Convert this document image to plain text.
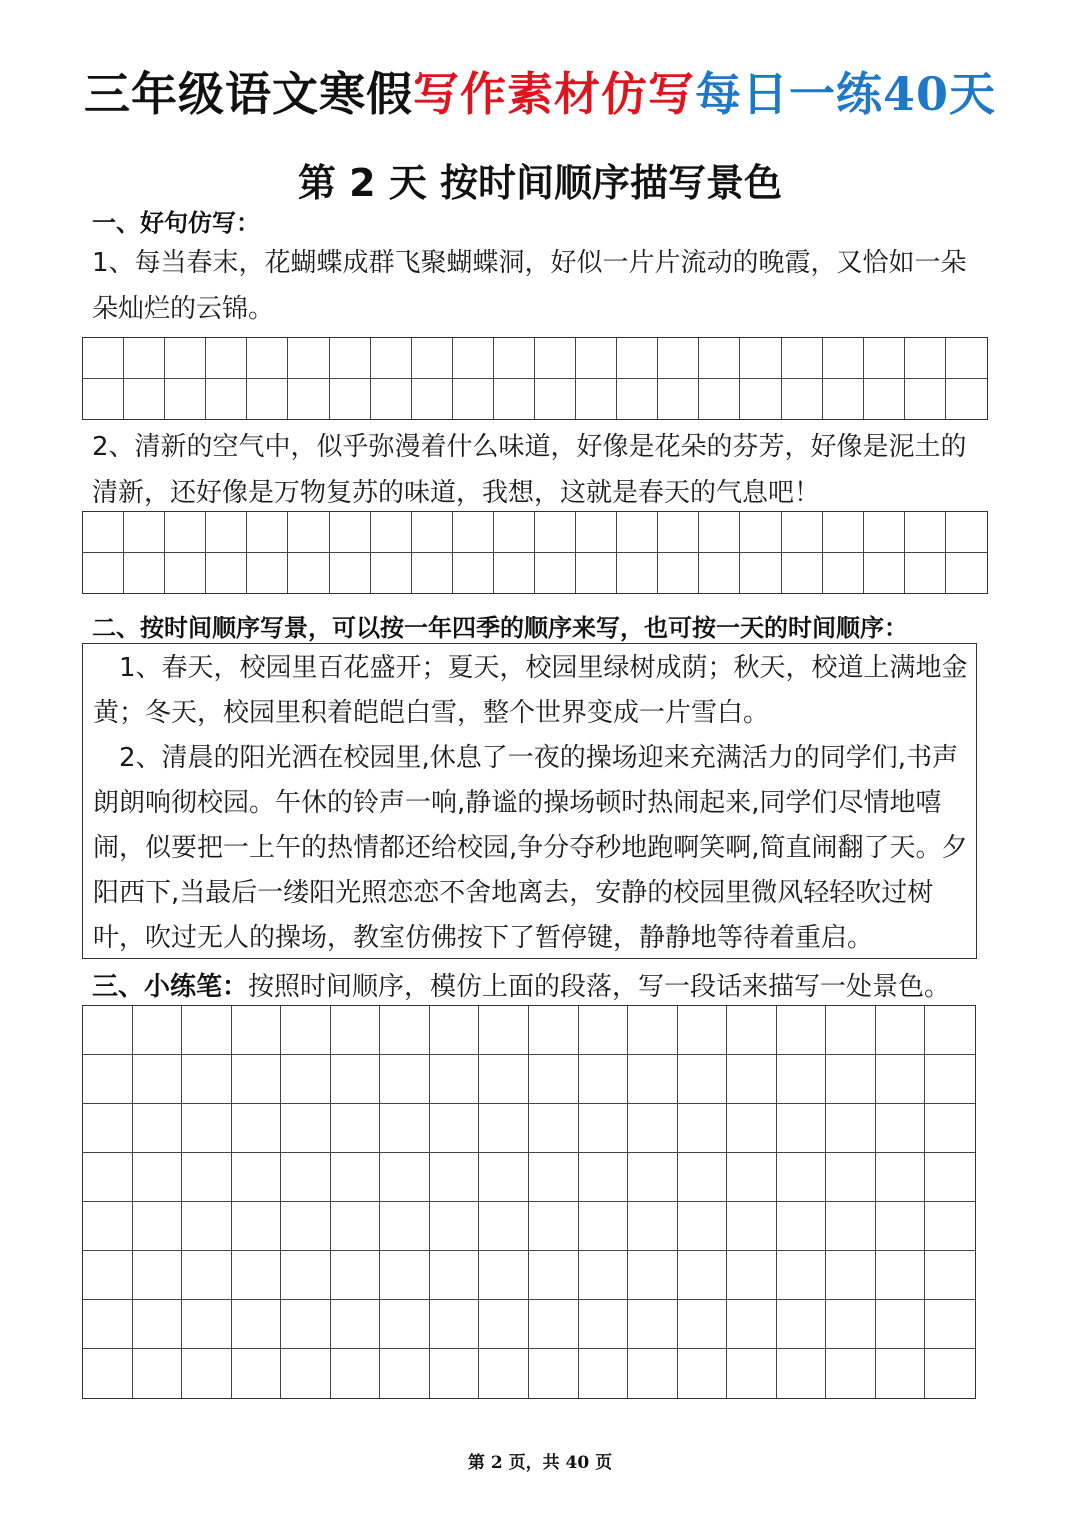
三年级语文寒假写作素材仿写每日一练40天
第 2 天 按时间顺序描写景色
一、好句仿写：
1、每当春末，花蝴蝶成群飞聚蝴蝶洞，好似一片片流动的晚霞，又恰如一朵朵灿烂的云锦。
2、清新的空气中，似乎弥漫着什么味道，好像是花朵的芬芳，好像是泥土的清新，还好像是万物复苏的味道，我想，这就是春天的气息吧！
二、按时间顺序写景，可以按一年四季的顺序来写，也可按一天的时间顺序：
1、春天，校园里百花盛开；夏天，校园里绿树成荫；秋天，校道上满地金黄；冬天，校园里积着皑皑白雪，整个世界变成一片雪白。
2、清晨的阳光洒在校园里,休息了一夜的操场迎来充满活力的同学们,书声朗朗响彻校园。午休的铃声一响,静谧的操场顿时热闹起来,同学们尽情地嘻闹，似要把一上午的热情都还给校园,争分夺秒地跑啊笑啊,简直闹翻了天。夕阳西下,当最后一缕阳光照恋恋不舍地离去，安静的校园里微风轻轻吹过树叶，吹过无人的操场，教室仿佛按下了暂停键，静静地等待着重启。
三、小练笔：按照时间顺序，模仿上面的段落，写一段话来描写一处景色。
第 2 页，共 40 页
